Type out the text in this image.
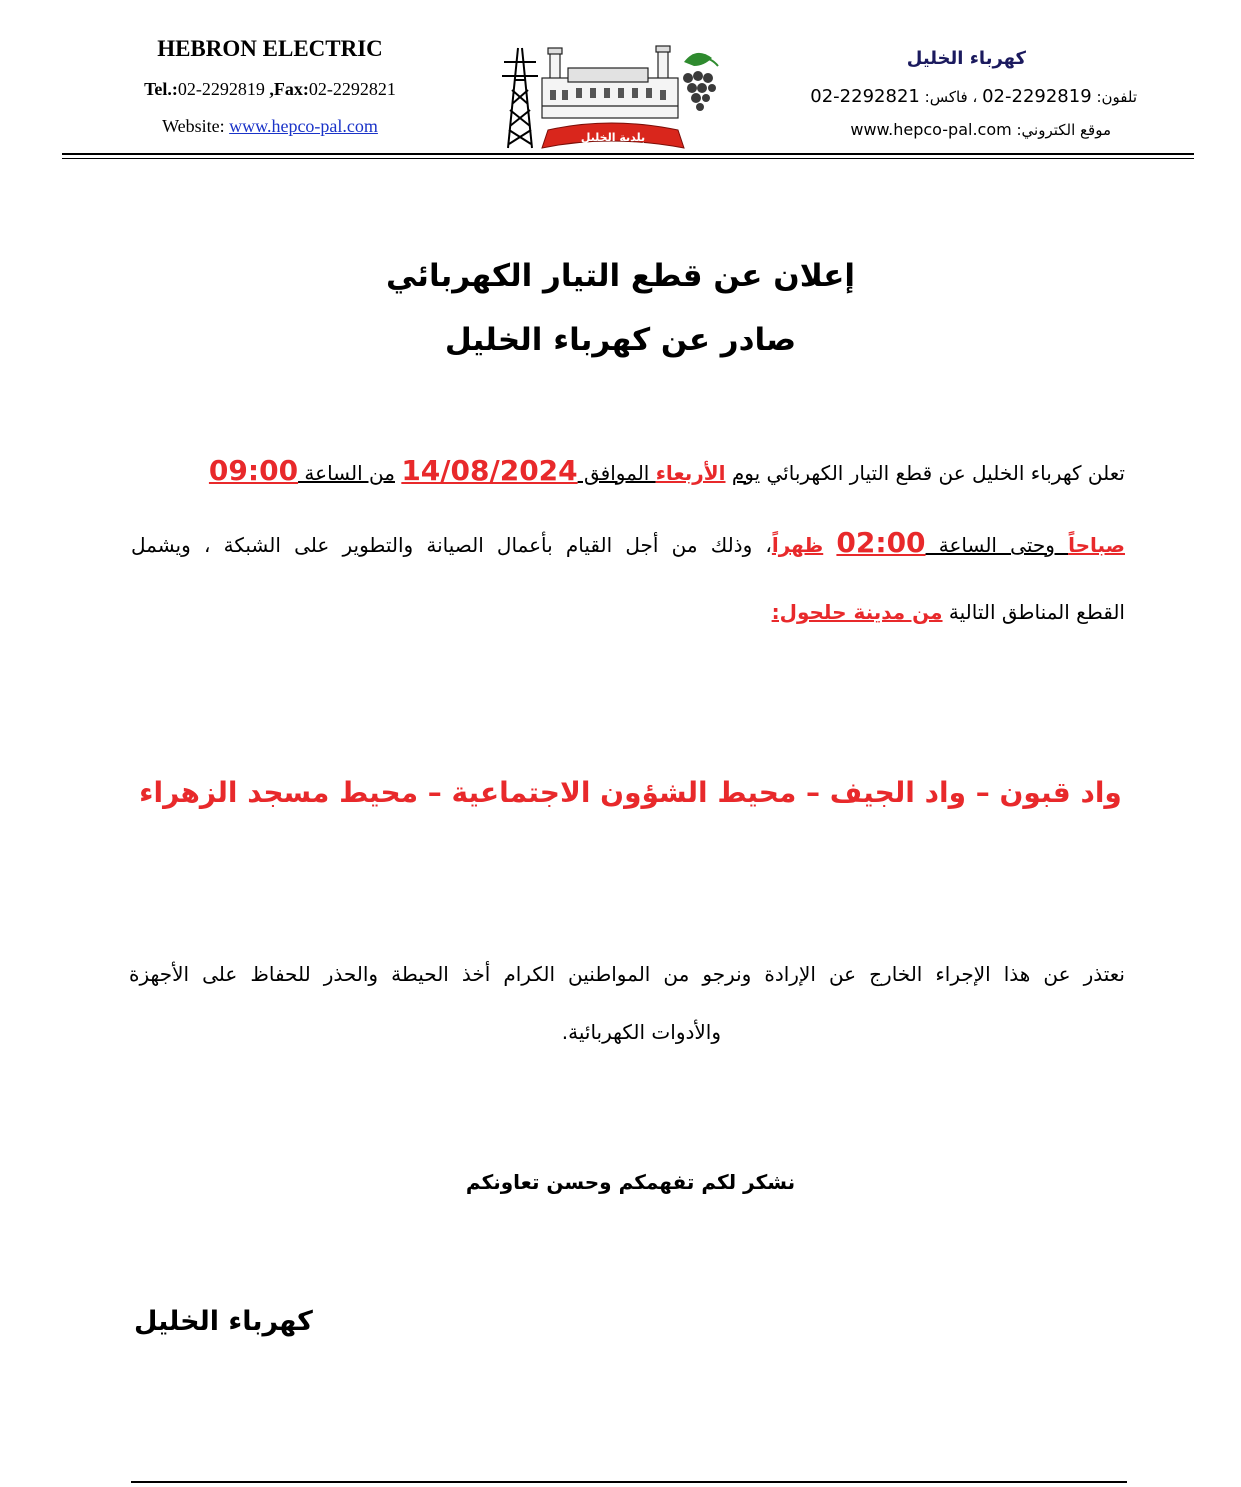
HEBRON ELECTRIC
Tel.:02-2292819 ,Fax:02-2292821
Website: www.hepco-pal.com
كهرباء الخليل
تلفون: 02-2292819 ، فاكس: 02-2292821
موقع الكتروني: www.hepco-pal.com
بلدية الخليل
إعلان عن قطع التيار الكهربائي
صادر عن كهرباء الخليل
تعلن كهرباء الخليل عن قطع التيار الكهربائي يوم الأربعاء الموافق 14/08/2024 من الساعة 09:00
صباحاً وحتى الساعة 02:00 ظهراً، وذلك من أجل القيام بأعمال الصيانة والتطوير على الشبكة ، ويشمل
القطع المناطق التالية من مدينة حلحول:
واد قبون – واد الجيف – محيط الشؤون الاجتماعية – محيط مسجد الزهراء
نعتذر عن هذا الإجراء الخارج عن الإرادة ونرجو من المواطنين الكرام أخذ الحيطة والحذر للحفاظ على الأجهزة
والأدوات الكهربائية.
نشكر لكم تفهمكم وحسن تعاونكم
كهرباء الخليل
